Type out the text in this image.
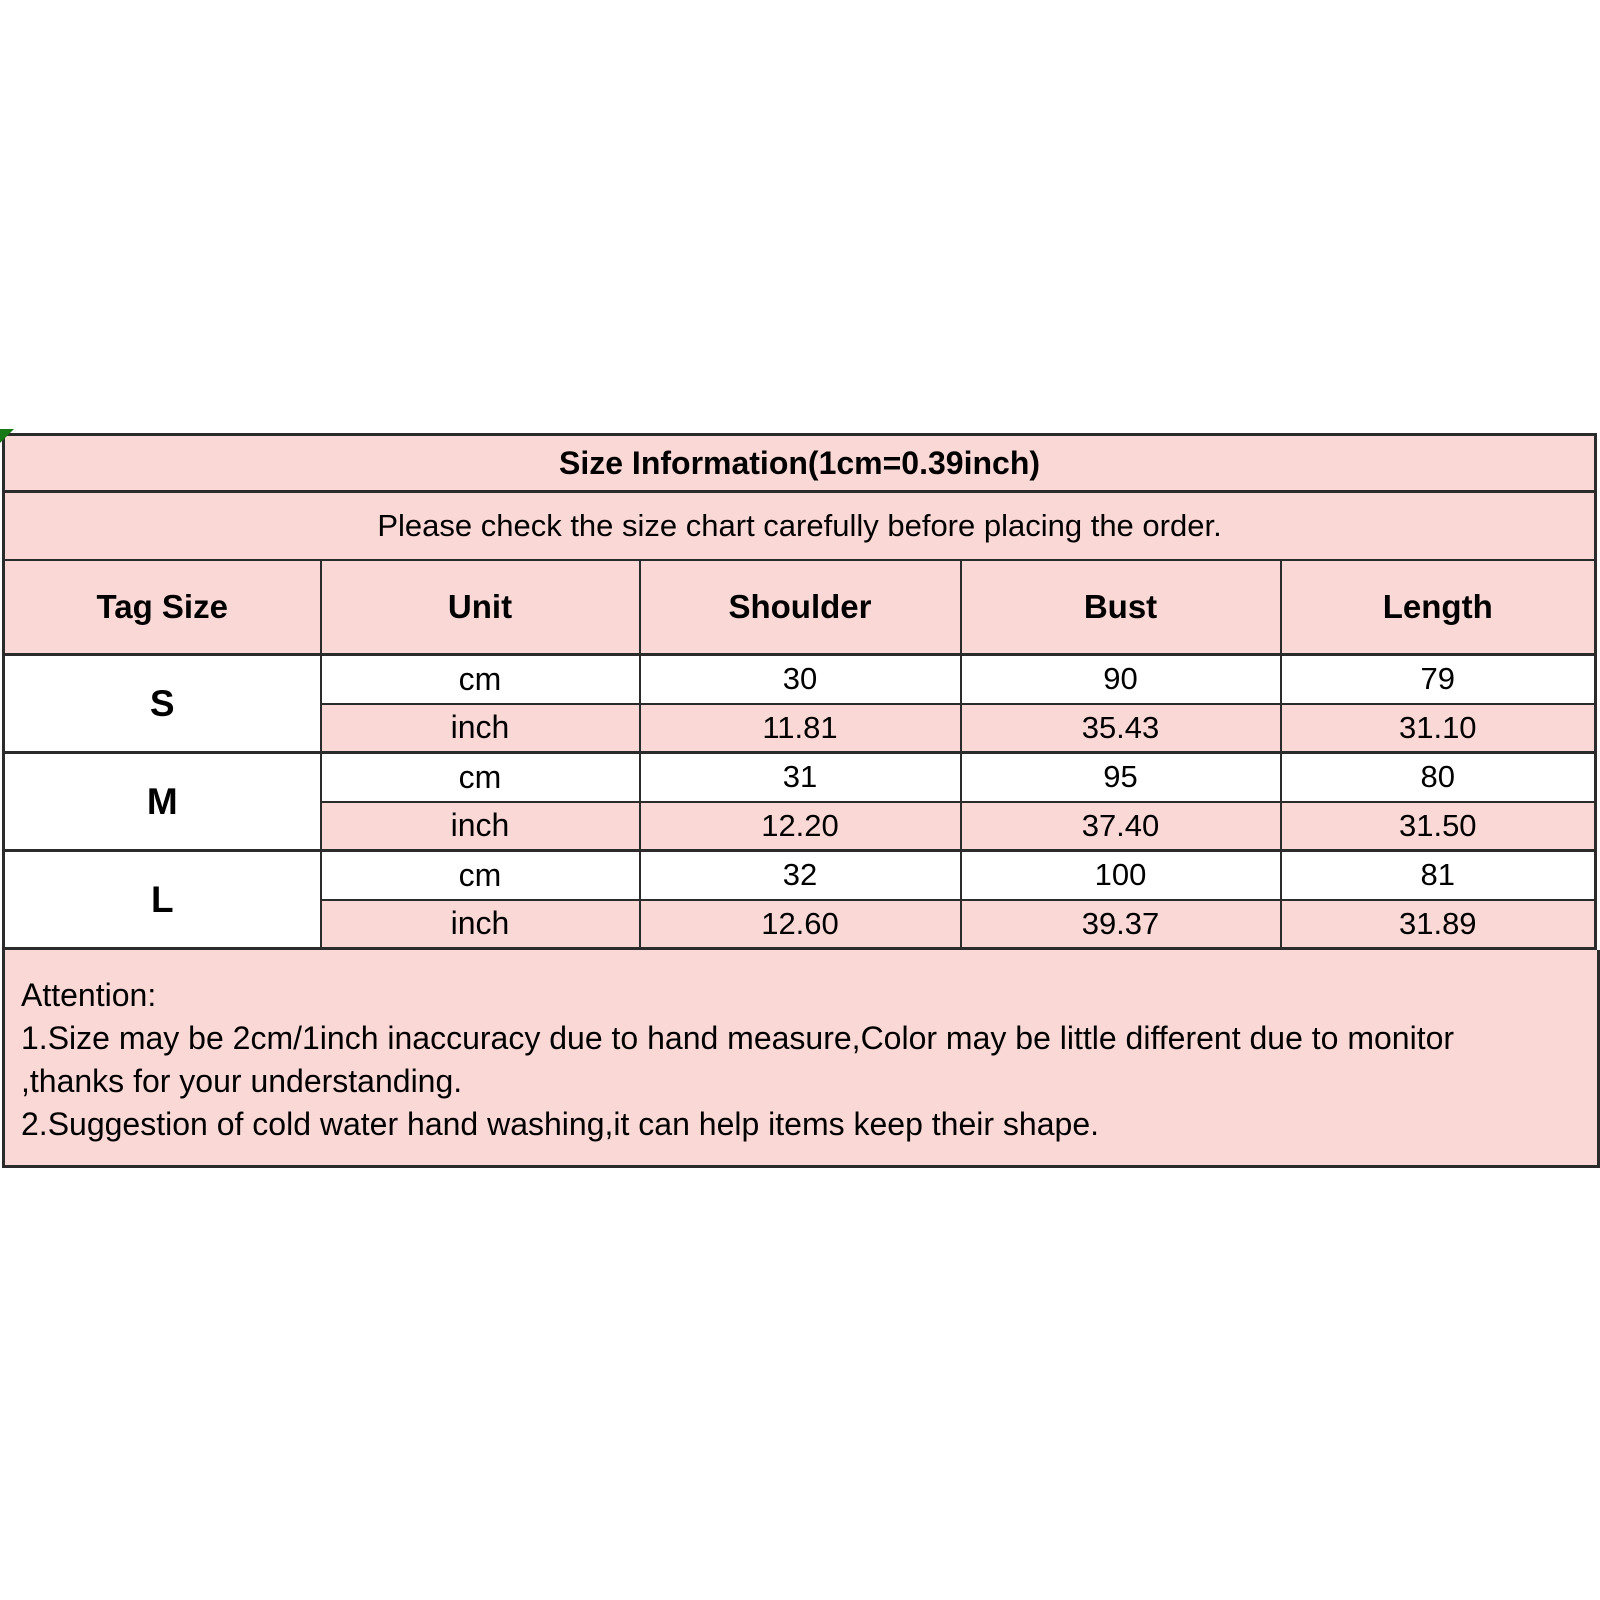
Size Information(1cm=0.39inch)				
Please check the size chart carefully before placing the order.				
Tag Size	Unit	Shoulder	Bust	Length
S	cm	30	90	79
	inch	11.81	35.43	31.10
M	cm	31	95	80
	inch	12.20	37.40	31.50
L	cm	32	100	81
	inch	12.60	39.37	31.89
Attention:
1.Size may be 2cm/1inch inaccuracy due to hand measure,Color may be little different due to monitor
,thanks for your understanding.
2.Suggestion of cold water hand washing,it can help items keep their shape.
